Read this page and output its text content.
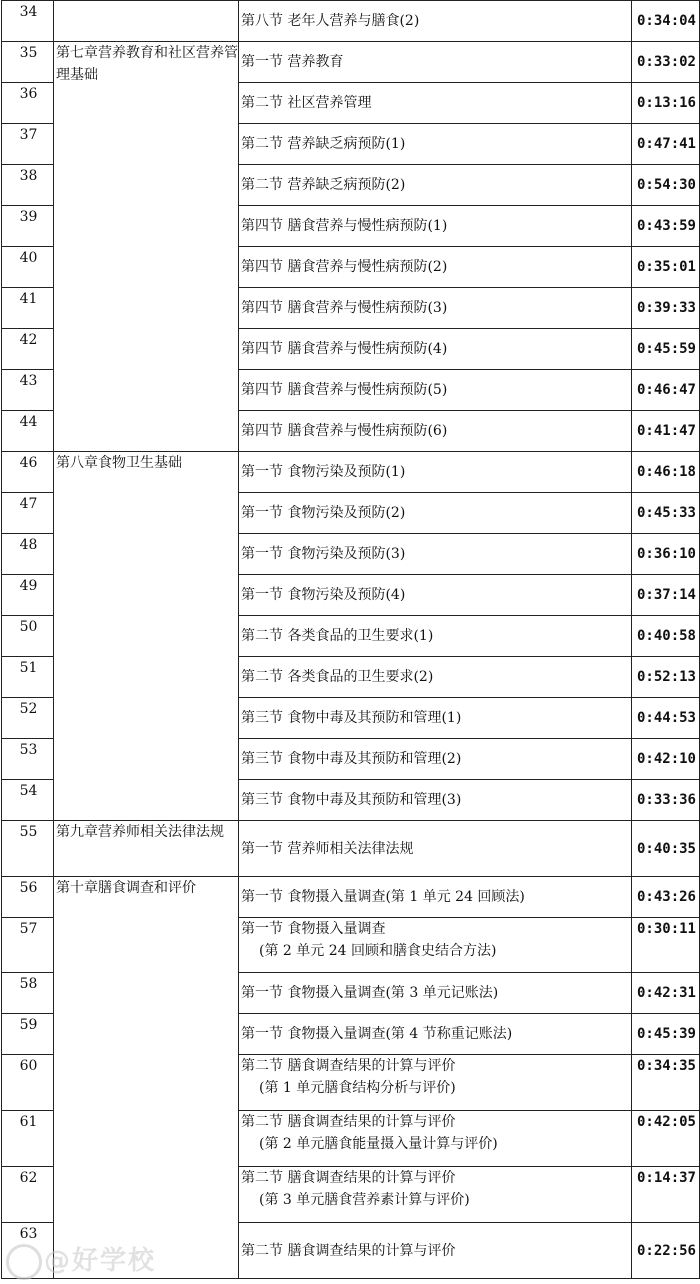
34		第八节 老年人营养与膳食(2)	0:34:04
35	第七章营养教育和社区营养管理基础	第一节 营养教育	0:33:02
36		第二节 社区营养管理	0:13:16
37		第二节 营养缺乏病预防(1)	0:47:41
38		第二节 营养缺乏病预防(2)	0:54:30
39		第四节 膳食营养与慢性病预防(1)	0:43:59
40		第四节 膳食营养与慢性病预防(2)	0:35:01
41		第四节 膳食营养与慢性病预防(3)	0:39:33
42		第四节 膳食营养与慢性病预防(4)	0:45:59
43		第四节 膳食营养与慢性病预防(5)	0:46:47
44		第四节 膳食营养与慢性病预防(6)	0:41:47
46	第八章食物卫生基础	第一节 食物污染及预防(1)	0:46:18
47		第一节 食物污染及预防(2)	0:45:33
48		第一节 食物污染及预防(3)	0:36:10
49		第一节 食物污染及预防(4)	0:37:14
50		第二节 各类食品的卫生要求(1)	0:40:58
51		第二节 各类食品的卫生要求(2)	0:52:13
52		第三节 食物中毒及其预防和管理(1)	0:44:53
53		第三节 食物中毒及其预防和管理(2)	0:42:10
54		第三节 食物中毒及其预防和管理(3)	0:33:36
55	第九章营养师相关法律法规	第一节 营养师相关法律法规	0:40:35
56	第十章膳食调查和评价	第一节 食物摄入量调查(第 1 单元 24 回顾法)	0:43:26
57		第一节 食物摄入量调查
(第 2 单元 24 回顾和膳食史结合方法)	0:30:11
58		第一节 食物摄入量调查(第 3 单元记账法)	0:42:31
59		第一节 食物摄入量调查(第 4 节称重记账法)	0:45:39
60		第二节 膳食调查结果的计算与评价
(第 1 单元膳食结构分析与评价)	0:34:35
61		第二节 膳食调查结果的计算与评价
(第 2 单元膳食能量摄入量计算与评价)	0:42:05
62		第二节 膳食调查结果的计算与评价
(第 3 单元膳食营养素计算与评价)	0:14:37
63		第二节 膳食调查结果的计算与评价	0:22:56
@好学校
